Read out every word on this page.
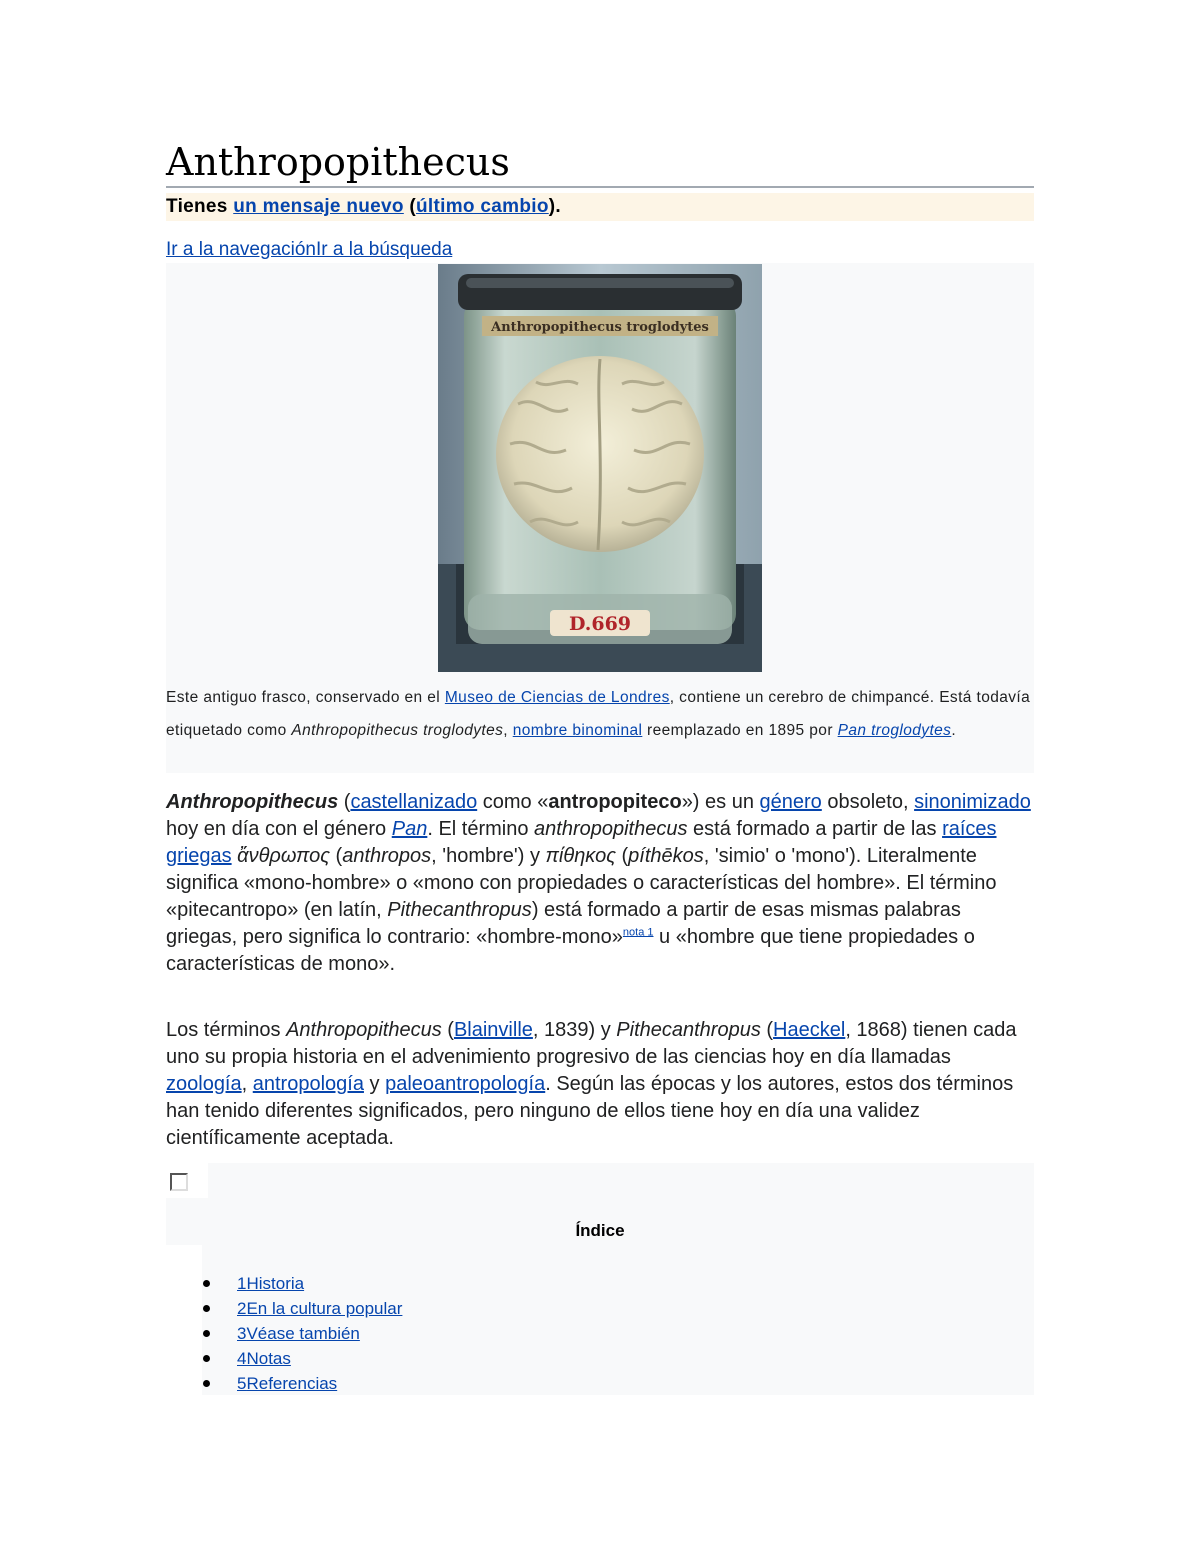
Anthropopithecus
Tienes un mensaje nuevo (último cambio).
Ir a la navegaciónIr a la búsqueda
Anthropopithecus troglodytes
D.669
Este antiguo frasco, conservado en el Museo de Ciencias de Londres, contiene un cerebro de chimpancé. Está todavía etiquetado como Anthropopithecus troglodytes, nombre binominal reemplazado en 1895 por Pan troglodytes.
Anthropopithecus (castellanizado como «antropopiteco») es un género obsoleto, sinonimizado hoy en día con el género Pan. El término anthropopithecus está formado a partir de las raíces griegas ἄνθρωπος (anthropos, 'hombre') y πίθηκος (píthēkos, 'simio' o 'mono'). Literalmente significa «mono-hombre» o «mono con propiedades o características del hombre». El término «pitecantropo» (en latín, Pithecanthropus) está formado a partir de esas mismas palabras griegas, pero significa lo contrario: «hombre-mono»$^{nota 1}$ u «hombre que tiene propiedades o características de mono».
Los términos Anthropopithecus (Blainville, 1839) y Pithecanthropus (Haeckel, 1868) tienen cada uno su propia historia en el advenimiento progresivo de las ciencias hoy en día llamadas zoología, antropología y paleoantropología. Según las épocas y los autores, estos dos términos han tenido diferentes significados, pero ninguno de ellos tiene hoy en día una validez científicamente aceptada.
Índice
1Historia
2En la cultura popular
3Véase también
4Notas
5Referencias
